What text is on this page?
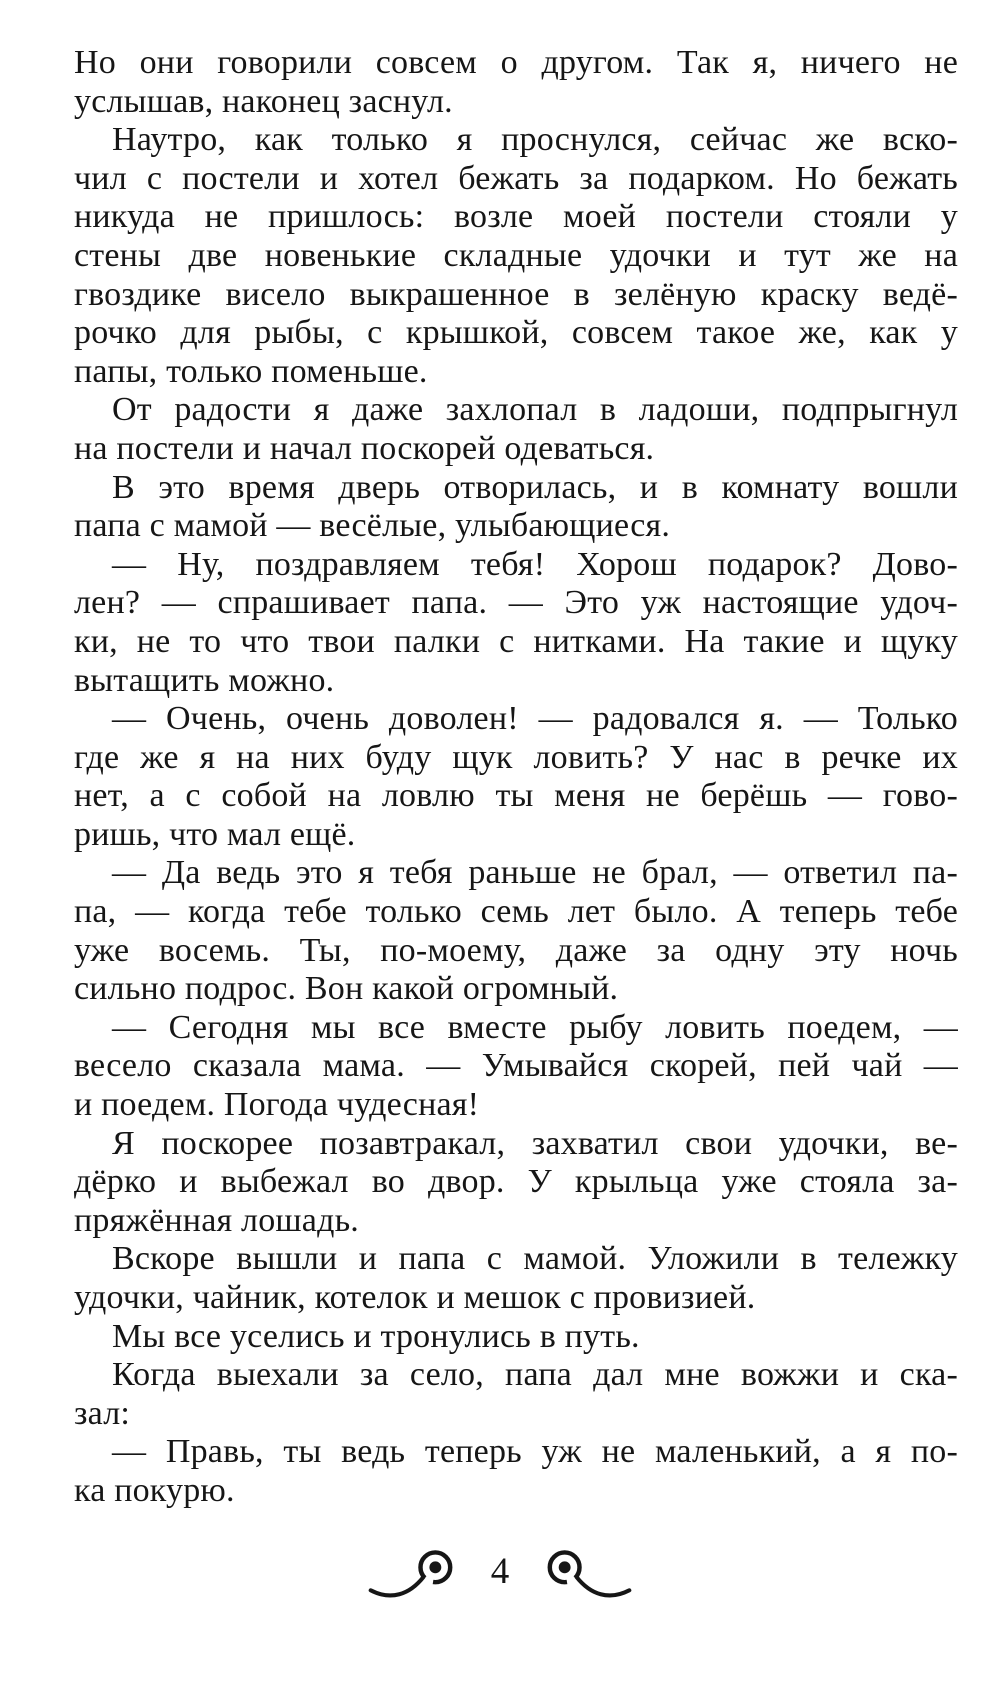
Но они говорили совсем о другом. Так я, ничего не
услышав, наконец заснул.
Наутро, как только я проснулся, сейчас же вско-
чил с постели и хотел бежать за подарком. Но бежать
никуда не пришлось: возле моей постели стояли у
стены две новенькие складные удочки и тут же на
гвоздике висело выкрашенное в зелёную краску ведё-
рочко для рыбы, с крышкой, совсем такое же, как у
папы, только поменьше.
От радости я даже захлопал в ладоши, подпрыгнул
на постели и начал поскорей одеваться.
В это время дверь отворилась, и в комнату вошли
папа с мамой — весёлые, улыбающиеся.
— Ну, поздравляем тебя! Хорош подарок? Дово-
лен? — спрашивает папа. — Это уж настоящие удоч-
ки, не то что твои палки с нитками. На такие и щуку
вытащить можно.
— Очень, очень доволен! — радовался я. — Только
где же я на них буду щук ловить? У нас в речке их
нет, а с собой на ловлю ты меня не берёшь — гово-
ришь, что мал ещё.
— Да ведь это я тебя раньше не брал, — ответил па-
па, — когда тебе только семь лет было. А теперь тебе
уже восемь. Ты, по-моему, даже за одну эту ночь
сильно подрос. Вон какой огромный.
— Сегодня мы все вместе рыбу ловить поедем, —
весело сказала мама. — Умывайся скорей, пей чай —
и поедем. Погода чудесная!
Я поскорее позавтракал, захватил свои удочки, ве-
дёрко и выбежал во двор. У крыльца уже стояла за-
пряжённая лошадь.
Вскоре вышли и папа с мамой. Уложили в тележку
удочки, чайник, котелок и мешок с провизией.
Мы все уселись и тронулись в путь.
Когда выехали за село, папа дал мне вожжи и ска-
зал:
— Правь, ты ведь теперь уж не маленький, а я по-
ка покурю.
4
